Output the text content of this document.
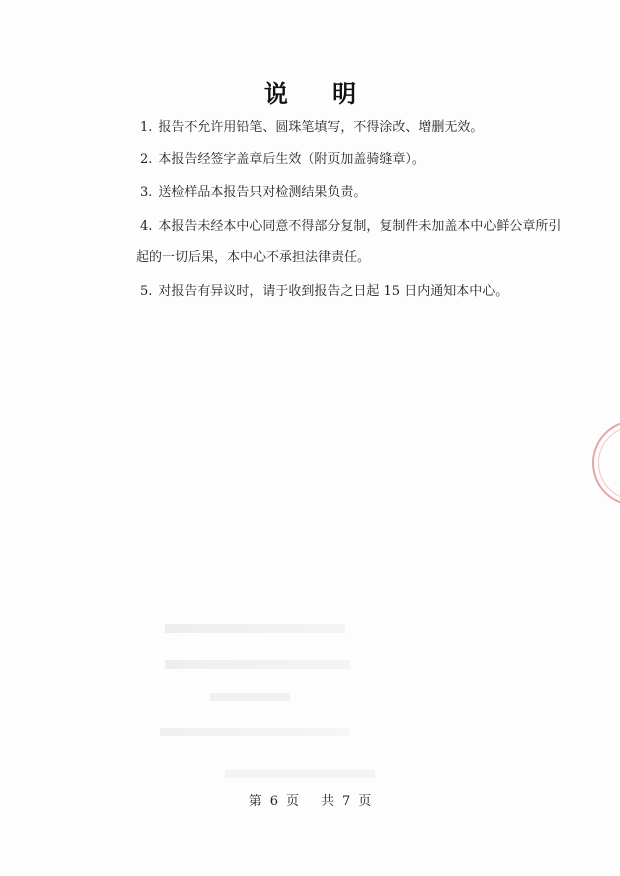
说 明
1. 报告不允许用铅笔、圆珠笔填写，不得涂改、增删无效。
2. 本报告经签字盖章后生效（附页加盖骑缝章）。
3. 送检样品本报告只对检测结果负责。
4. 本报告未经本中心同意不得部分复制，复制件未加盖本中心鲜公章所引
起的一切后果，本中心不承担法律责任。
5. 对报告有异议时，请于收到报告之日起 15 日内通知本中心。
第 6 页 共 7 页
